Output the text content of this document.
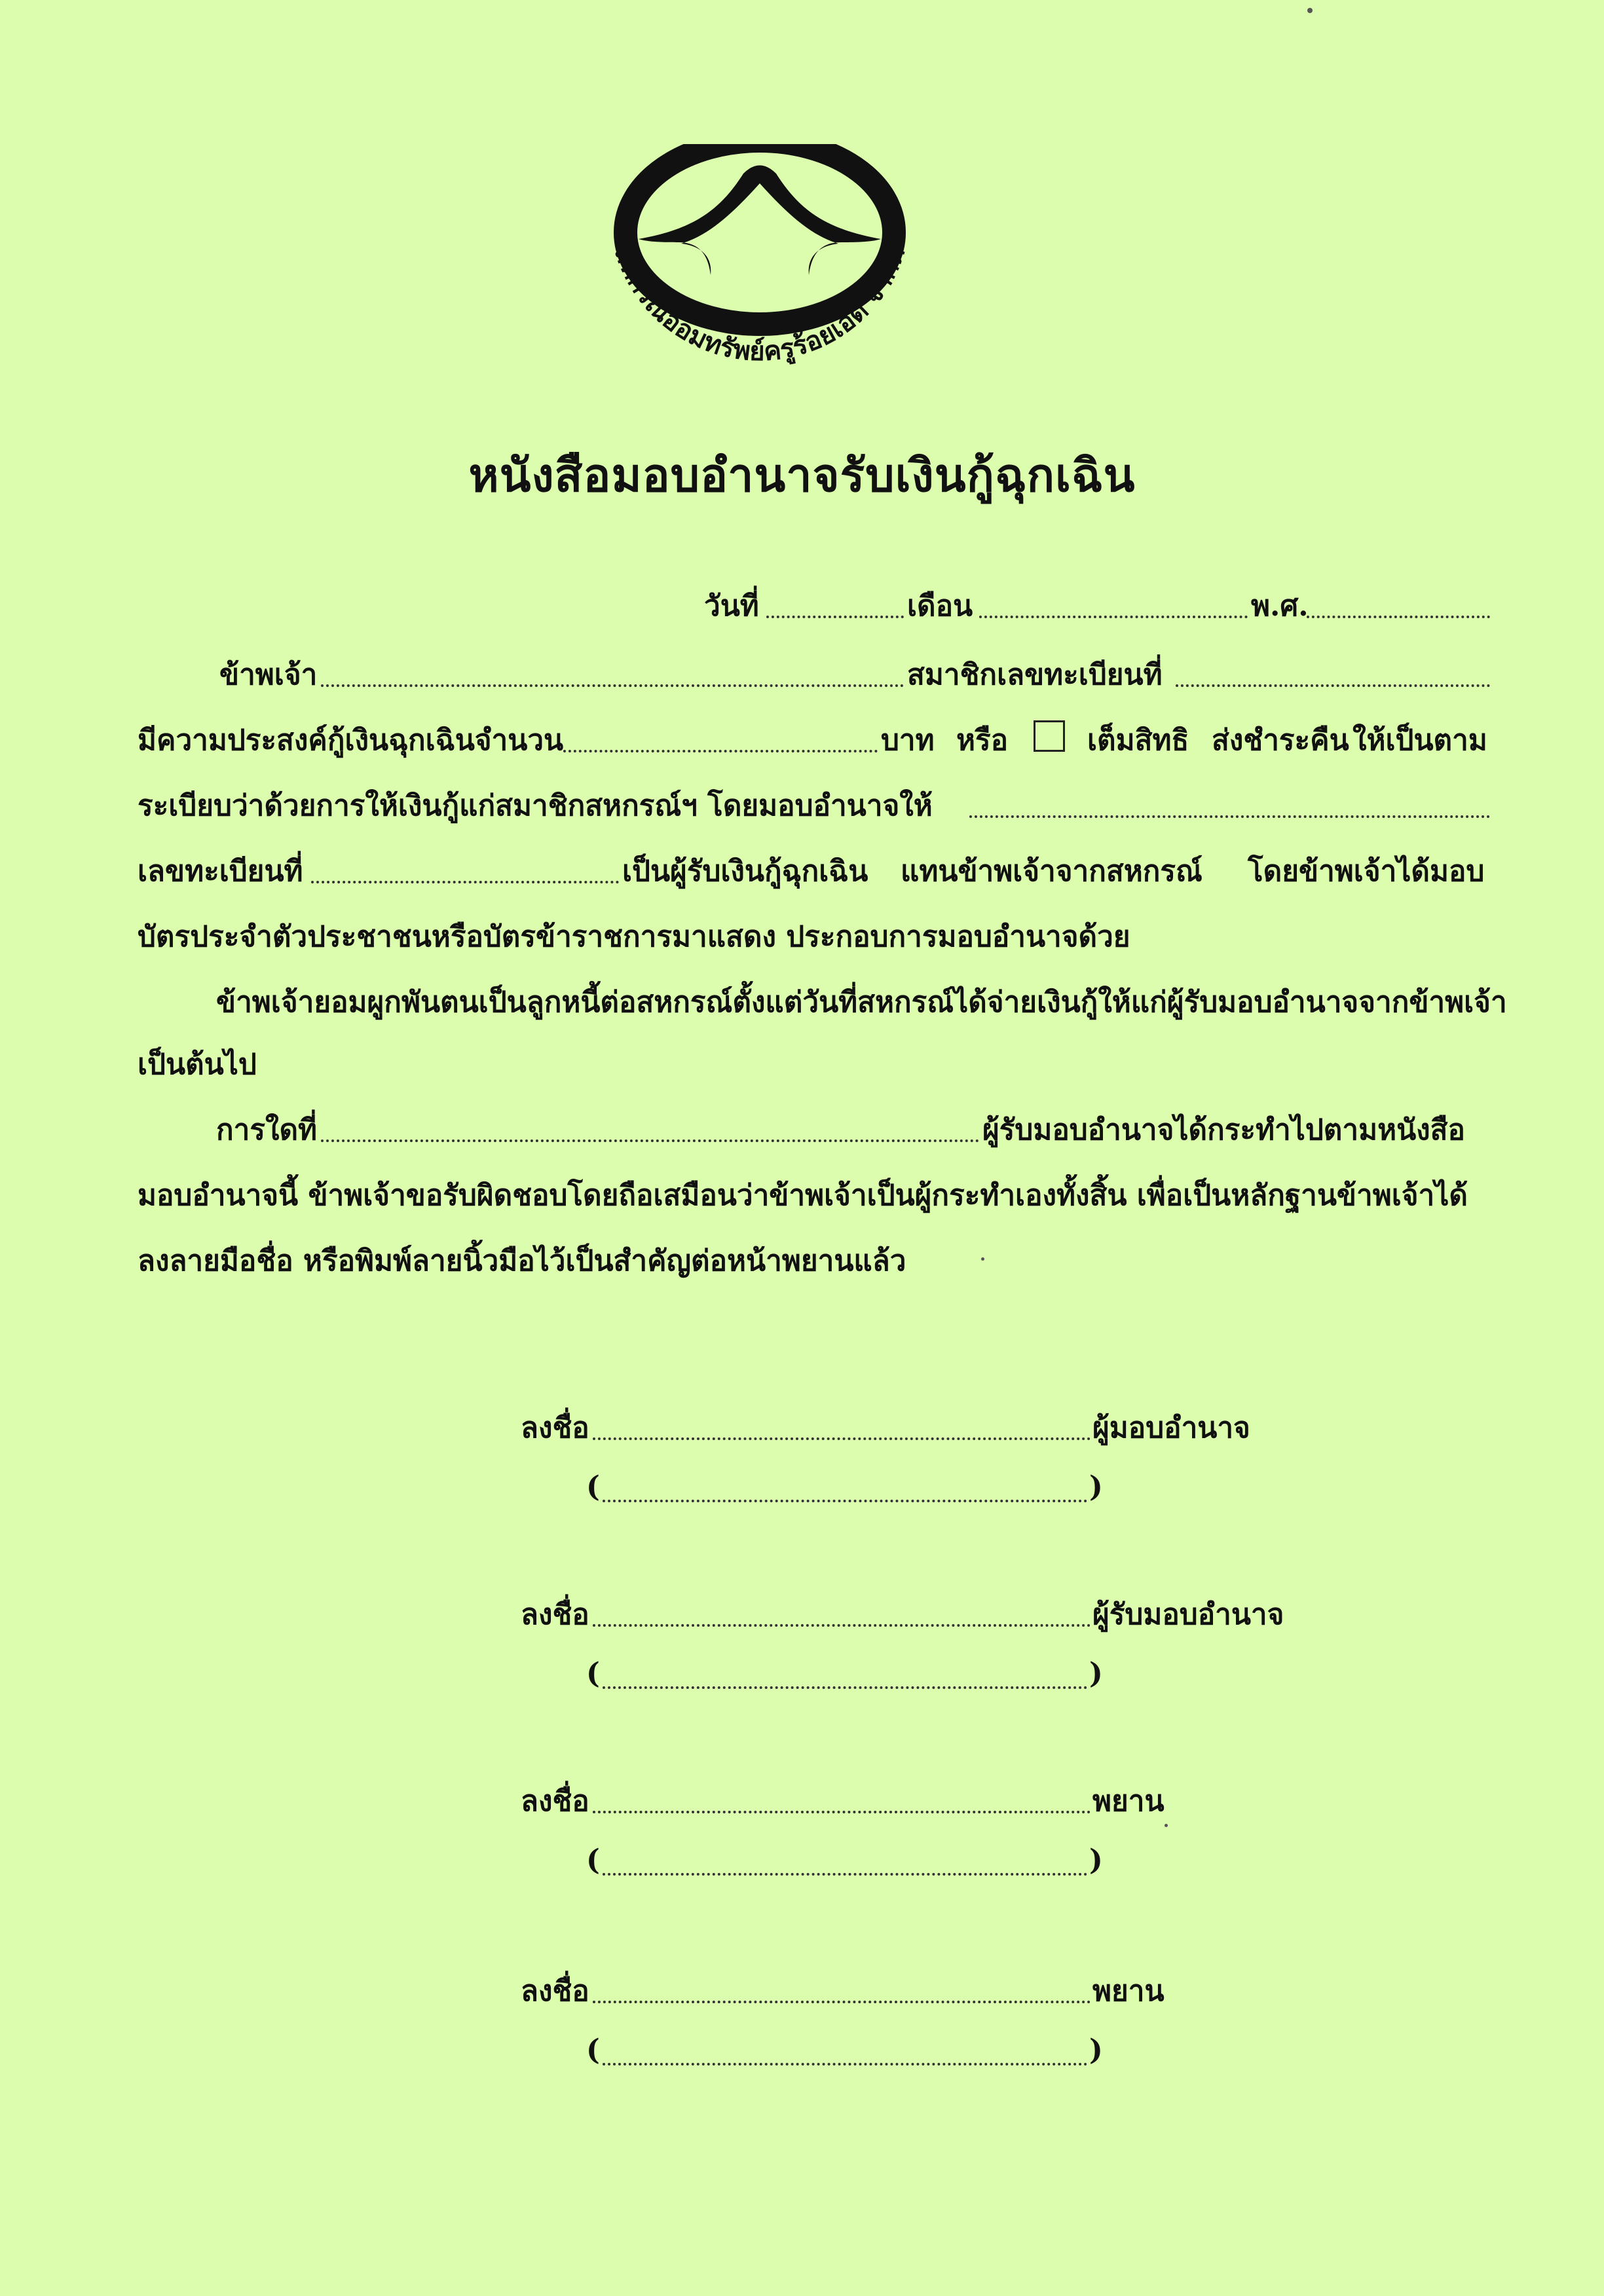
สหกรณ์ออมทรัพย์ครูร้อยเอ็ด จำกัด
หนังสือมอบอำนาจรับเงินกู้ฉุกเฉิน
วันที่	เดือน	พ.ศ.
ข้าพเจ้า	สมาชิกเลขทะเบียนที่
มีความประสงค์กู้เงินฉุกเฉินจำนวน	บาท หรือ	เต็มสิทธิ ส่งชำระคืน ให้เป็นตาม
ระเบียบว่าด้วยการให้เงินกู้แก่สมาชิกสหกรณ์ฯ โดยมอบอำนาจให้
เลขทะเบียนที่	เป็นผู้รับเงินกู้ฉุกเฉิน แทนข้าพเจ้าจากสหกรณ์ โดยข้าพเจ้าได้มอบ
บัตรประจำตัวประชาชนหรือบัตรข้าราชการมาแสดง ประกอบการมอบอำนาจด้วย
ข้าพเจ้ายอมผูกพันตนเป็นลูกหนี้ต่อสหกรณ์ตั้งแต่วันที่สหกรณ์ได้จ่ายเงินกู้ให้แก่ผู้รับมอบอำนาจจากข้าพเจ้า
เป็นต้นไป
การใดที่	ผู้รับมอบอำนาจได้กระทำไปตามหนังสือ
มอบอำนาจนี้ ข้าพเจ้าขอรับผิดชอบโดยถือเสมือนว่าข้าพเจ้าเป็นผู้กระทำเองทั้งสิ้น เพื่อเป็นหลักฐานข้าพเจ้าได้
ลงลายมือชื่อ หรือพิมพ์ลายนิ้วมือไว้เป็นสำคัญต่อหน้าพยานแล้ว
ลงชื่อ	ผู้มอบอำนาจ
(	)
ลงชื่อ	ผู้รับมอบอำนาจ
(	)
ลงชื่อ	พยาน
(	)
ลงชื่อ	พยาน
(	)
